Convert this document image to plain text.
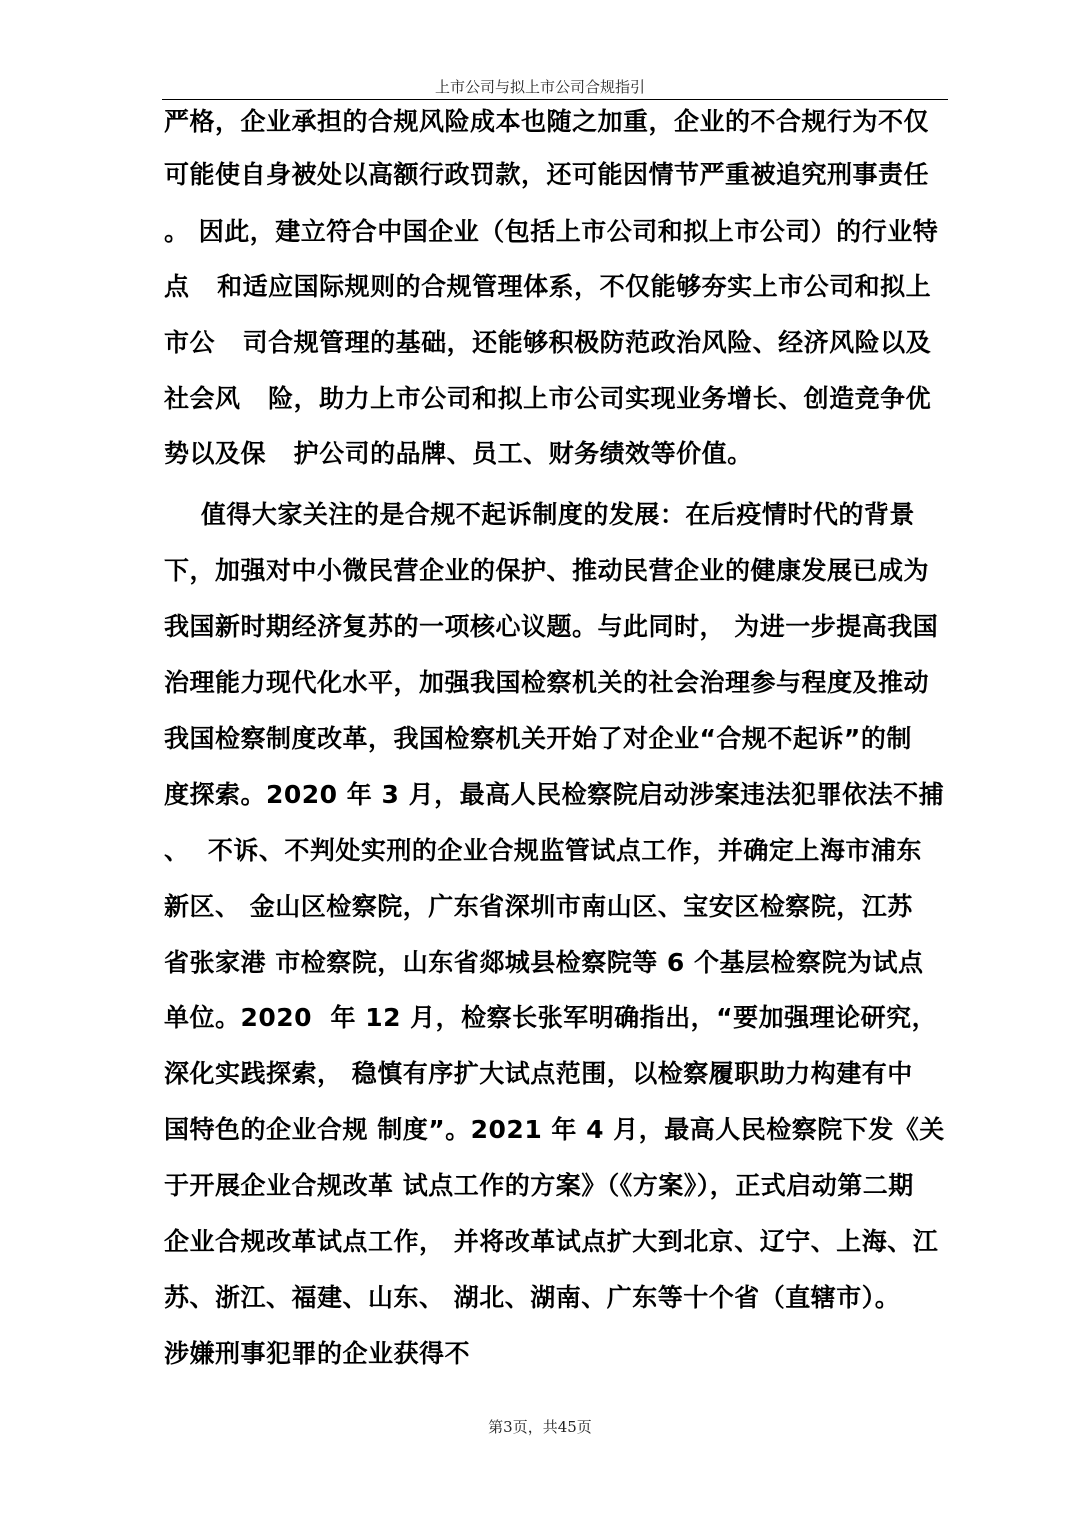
上市公司与拟上市公司合规指引
严格，企业承担的合规风险成本也随之加重，企业的不合规行为不仅
可能使自身被处以高额行政罚款，还可能因情节严重被追究刑事责任
。 因此，建立符合中国企业（包括上市公司和拟上市公司）的行业特
点   和适应国际规则的合规管理体系，不仅能够夯实上市公司和拟上
市公   司合规管理的基础，还能够积极防范政治风险、经济风险以及
社会风   险，助力上市公司和拟上市公司实现业务增长、创造竞争优
势以及保   护公司的品牌、员工、财务绩效等价值。
值得大家关注的是合规不起诉制度的发展：在后疫情时代的背景
下，加强对中小微民营企业的保护、推动民营企业的健康发展已成为
我国新时期经济复苏的一项核心议题。与此同时， 为进一步提高我国
治理能力现代化水平，加强我国检察机关的社会治理参与程度及推动
我国检察制度改革，我国检察机关开始了对企业“合规不起诉”的制
度探索。2020 年 3 月，最高人民检察院启动涉案违法犯罪依法不捕
、  不诉、不判处实刑的企业合规监管试点工作，并确定上海市浦东
新区、 金山区检察院，广东省深圳市南山区、宝安区检察院，江苏
省张家港 市检察院，山东省郯城县检察院等 6 个基层检察院为试点
单位。2020  年 12 月，检察长张军明确指出，“要加强理论研究，
深化实践探索， 稳慎有序扩大试点范围，以检察履职助力构建有中
国特色的企业合规 制度”。2021 年 4 月，最高人民检察院下发《关
于开展企业合规改革 试点工作的方案》（《方案》），正式启动第二期
企业合规改革试点工作， 并将改革试点扩大到北京、辽宁、上海、江
苏、浙江、福建、山东、 湖北、湖南、广东等十个省（直辖市）。
涉嫌刑事犯罪的企业获得不
第3页，共45页
